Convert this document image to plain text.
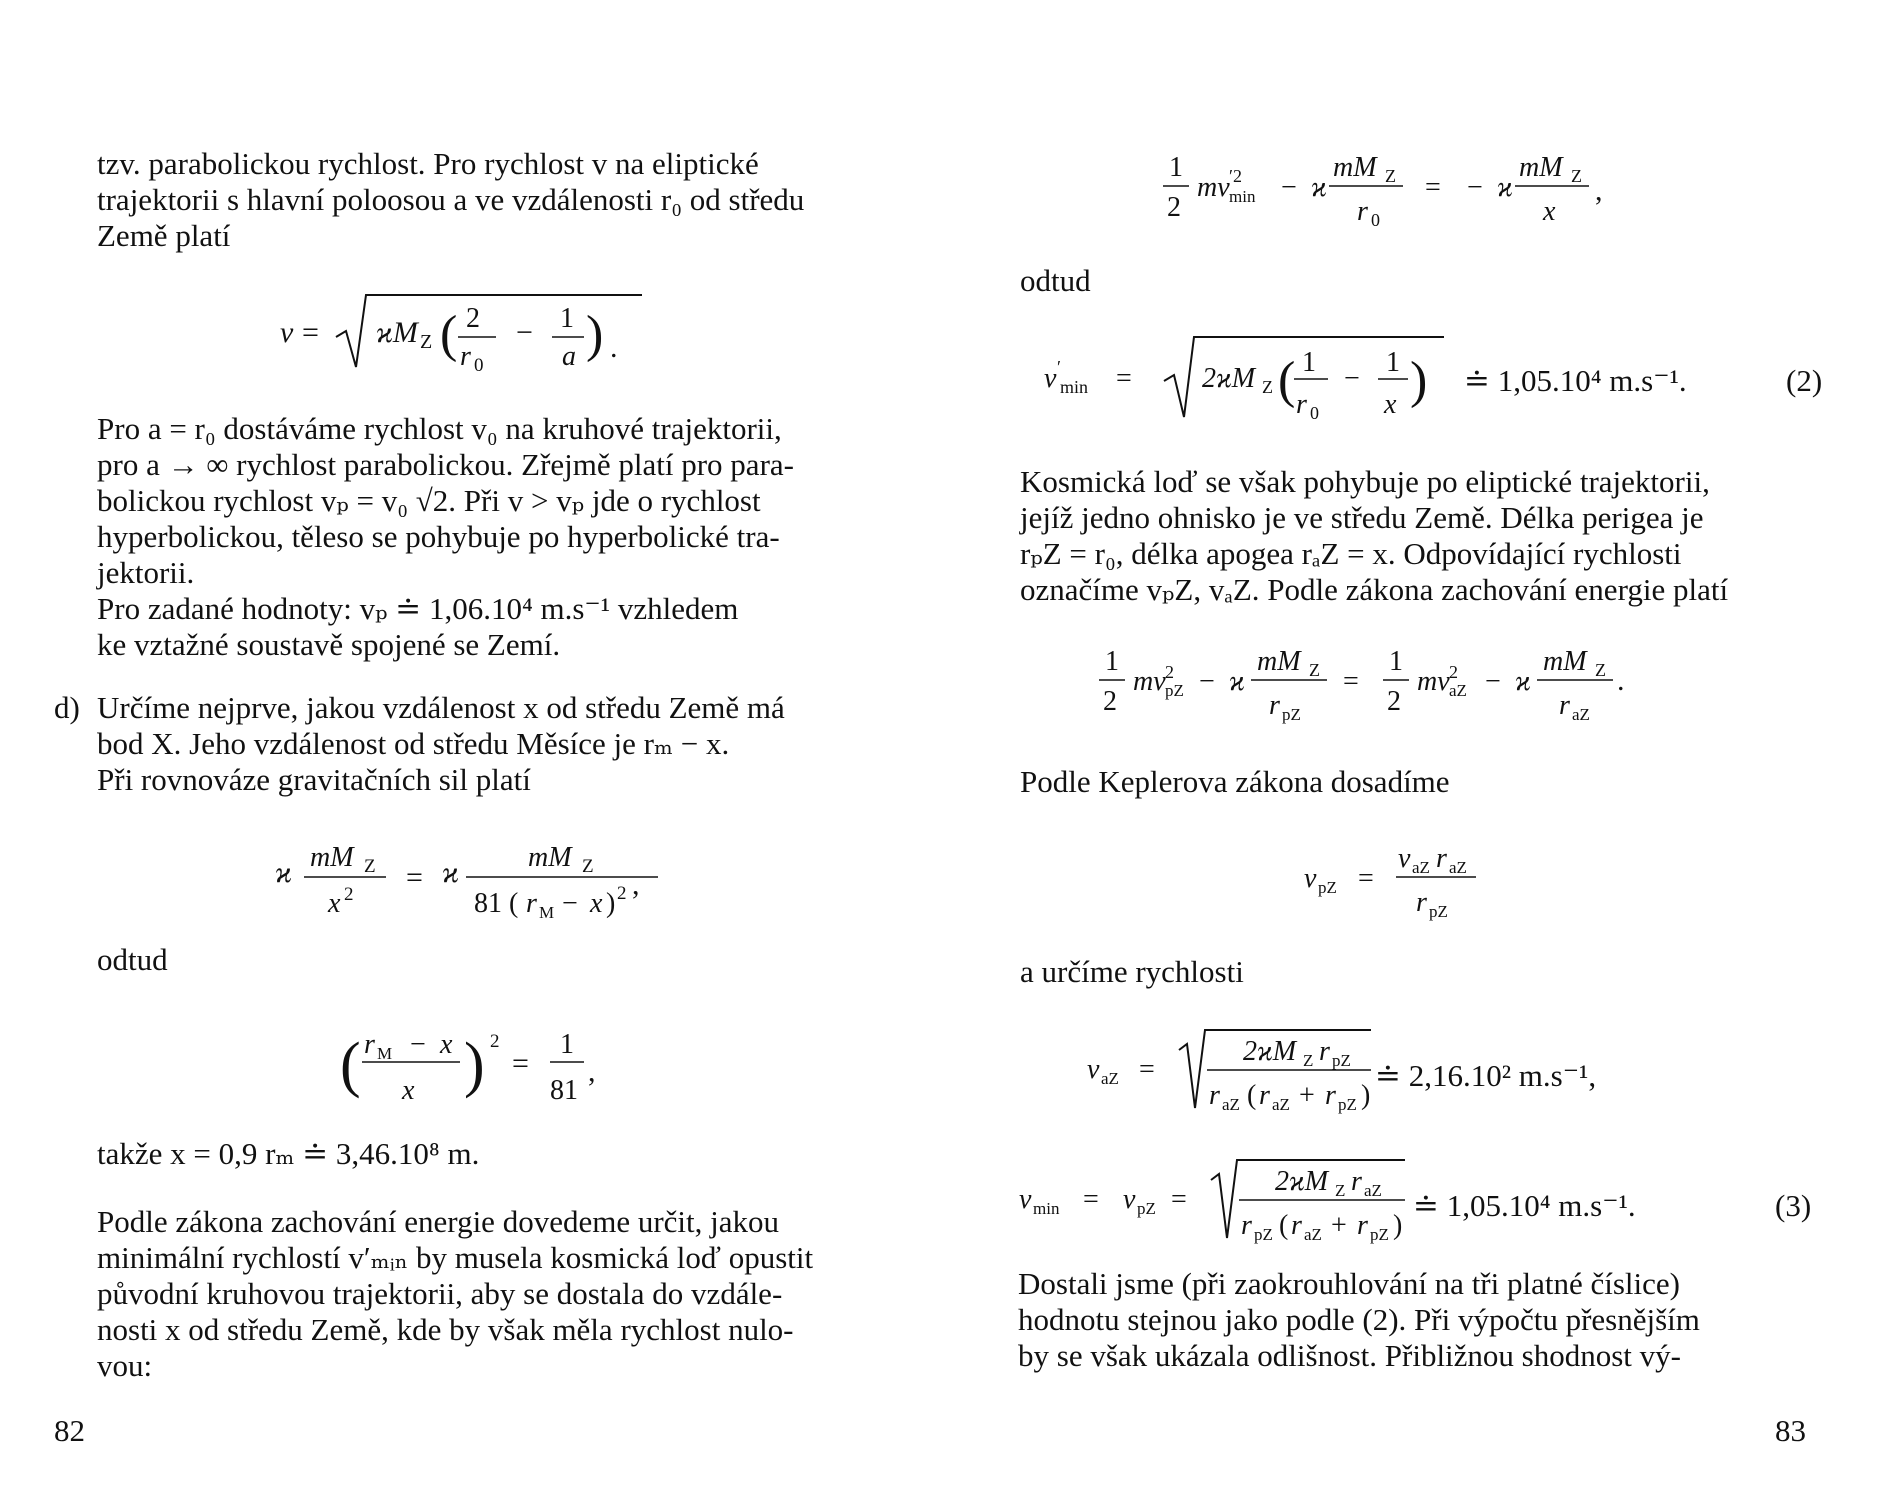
tzv. parabolickou rychlost. Pro rychlost v na eliptické
trajektorii s hlavní poloosou a ve vzdálenosti r₀ od středu
Země platí
v = ϰM Z ( 2
r 0
− 1
a ) .
Pro a = r₀ dostáváme rychlost v₀ na kruhové trajektorii,
pro a → ∞ rychlost parabolickou. Zřejmě platí pro para-
bolickou rychlost vₚ = v₀ √2. Při v > vₚ jde o rychlost
hyperbolickou, těleso se pohybuje po hyperbolické tra-
jektorii.
Pro zadané hodnoty: vₚ ≐ 1,06.10⁴ m.s⁻¹ vzhledem
ke vztažné soustavě spojené se Zemí.
d) Určíme nejprve, jakou vzdálenost x od středu Země má
bod X. Jeho vzdálenost od středu Měsíce je rₘ − x.
Při rovnováze gravitačních sil platí
ϰ mM Z
x 2
= ϰ mM Z
81 ( r M − x ) 2 ,
odtud
( r M − x
x ) 2
=
1
81
,
takže x = 0,9 rₘ ≐ 3,46.10⁸ m.
Podle zákona zachování energie dovedeme určit, jakou
minimální rychlostí v′ₘᵢₙ by musela kosmická loď opustit
původní kruhovou trajektorii, aby se dostala do vzdále-
nosti x od středu Země, kde by však měla rychlost nulo-
vou:
82
1
2
mv ′2
min − ϰ
mM Z
r 0
= − ϰ
mM Z
x
,
odtud
v ′
min =	2ϰM Z ( 1
r 0
−
1
x ) ≐ 1,05.10⁴ m.s⁻¹.	(2)
Kosmická loď se však pohybuje po eliptické trajektorii,
jejíž jedno ohnisko je ve středu Země. Délka perigea je
rₚZ = r₀, délka apogea rₐZ = x. Odpovídající rychlosti
označíme vₚZ, vₐZ. Podle zákona zachování energie platí
1
2
mv 2
pZ − ϰ
mM Z
r pZ
=
1
2
mv 2
aZ − ϰ
mM Z
r aZ
.
Podle Keplerova zákona dosadíme
v pZ =
v aZ r aZ
r pZ
a určíme rychlosti
v aZ =
2ϰM Z r pZ
r aZ ( r aZ + r pZ )
≐ 2,16.10² m.s⁻¹,
v min = v pZ =
2ϰM Z r aZ
r pZ ( r aZ + r pZ )
≐ 1,05.10⁴ m.s⁻¹.	(3)
Dostali jsme (při zaokrouhlování na tři platné číslice)
hodnotu stejnou jako podle (2). Při výpočtu přesnějším
by se však ukázala odlišnost. Přibližnou shodnost vý-
83
